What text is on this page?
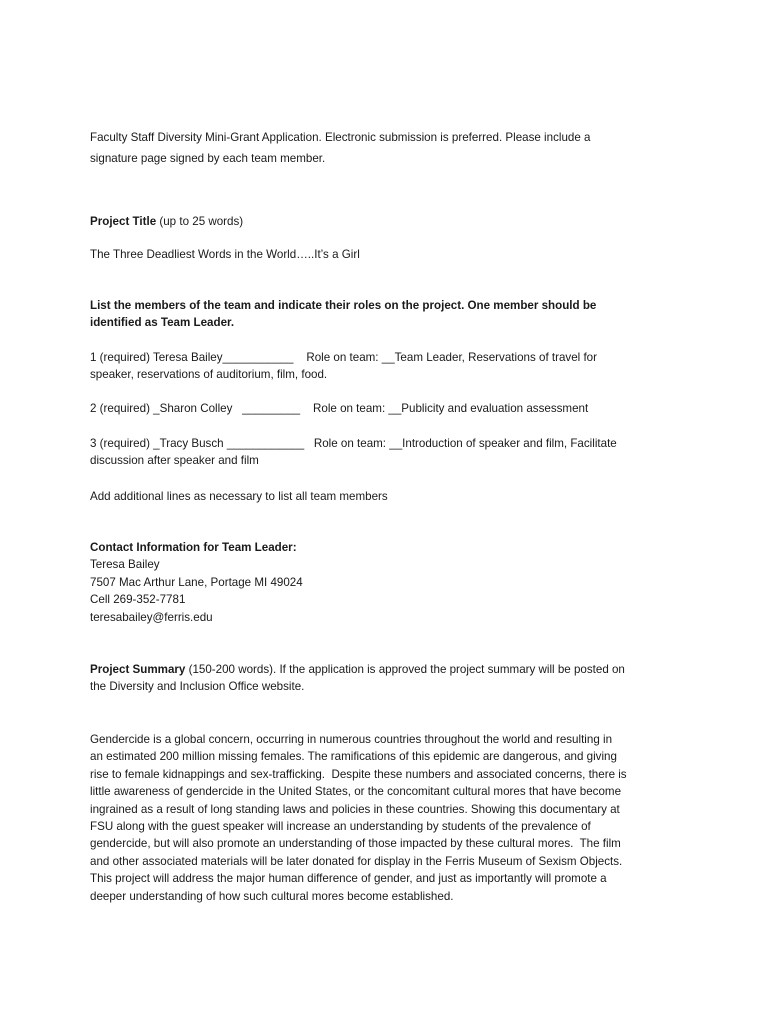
Faculty Staff Diversity Mini-Grant Application. Electronic submission is preferred. Please include a
signature page signed by each team member.
Project Title (up to 25 words)
The Three Deadliest Words in the World…..It’s a Girl
List the members of the team and indicate their roles on the project. One member should be
identified as Team Leader.
1 (required) Teresa Bailey___________    Role on team: __Team Leader, Reservations of travel for
speaker, reservations of auditorium, film, food.
2 (required) _Sharon Colley   _________    Role on team: __Publicity and evaluation assessment
3 (required) _Tracy Busch ____________   Role on team: __Introduction of speaker and film, Facilitate
discussion after speaker and film
Add additional lines as necessary to list all team members
Contact Information for Team Leader:
Teresa Bailey
7507 Mac Arthur Lane, Portage MI 49024
Cell 269-352-7781
teresabailey@ferris.edu
Project Summary (150-200 words). If the application is approved the project summary will be posted on
the Diversity and Inclusion Office website.
Gendercide is a global concern, occurring in numerous countries throughout the world and resulting in
an estimated 200 million missing females. The ramifications of this epidemic are dangerous, and giving
rise to female kidnappings and sex-trafficking.  Despite these numbers and associated concerns, there is
little awareness of gendercide in the United States, or the concomitant cultural mores that have become
ingrained as a result of long standing laws and policies in these countries. Showing this documentary at
FSU along with the guest speaker will increase an understanding by students of the prevalence of
gendercide, but will also promote an understanding of those impacted by these cultural mores.  The film
and other associated materials will be later donated for display in the Ferris Museum of Sexism Objects.
This project will address the major human difference of gender, and just as importantly will promote a
deeper understanding of how such cultural mores become established.
